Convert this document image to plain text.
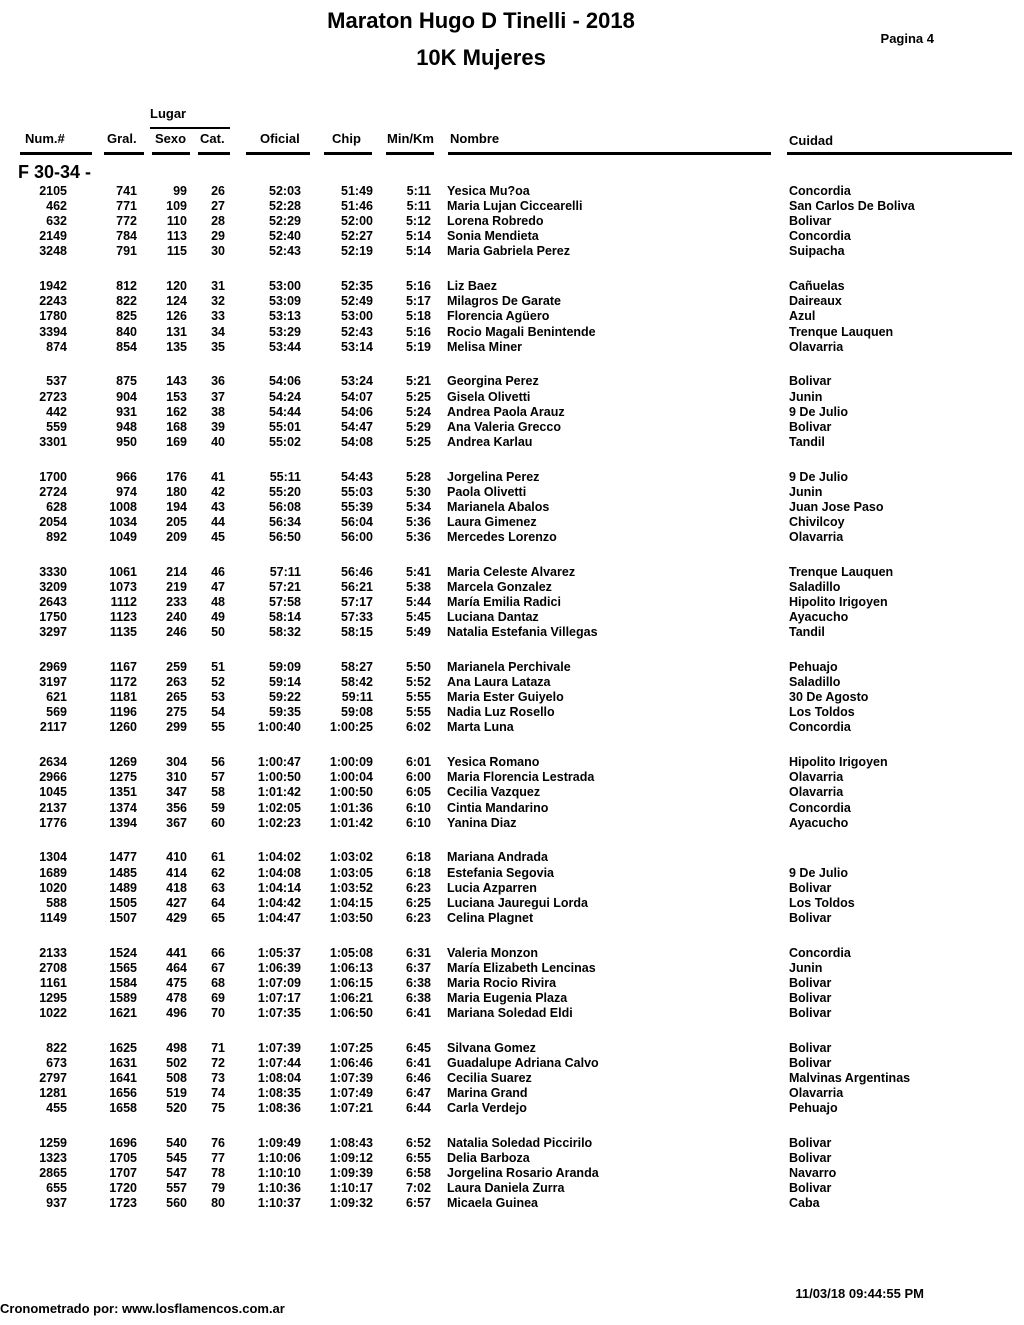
Maraton Hugo D Tinelli - 2018
10K Mujeres
Pagina 4
Lugar
Num.#	Gral. Sexo Cat.	Oficial Chip Min/Km Nombre	Cuidad
F 30-34 -
2105	741	99 26	52:03	51:49	5:11 Yesica Mu?oa	Concordia
462	771 109 27	52:28	51:46	5:11 Maria Lujan Ciccearelli	San Carlos De Boliva
632	772 110 28	52:29	52:00	5:12 Lorena Robredo	Bolivar
2149	784 113 29	52:40	52:27	5:14 Sonia Mendieta	Concordia
3248	791 115 30	52:43	52:19	5:14 Maria Gabriela Perez	Suipacha
1942	812 120 31	53:00	52:35	5:16 Liz Baez	Cañuelas
2243	822 124 32	53:09	52:49	5:17 Milagros De Garate	Daireaux
1780	825 126 33	53:13	53:00	5:18 Florencia Agüero	Azul
3394	840 131 34	53:29	52:43	5:16 Rocio Magali Benintende	Trenque Lauquen
874	854 135 35	53:44	53:14	5:19 Melisa Miner	Olavarria
537	875 143 36	54:06	53:24	5:21 Georgina Perez	Bolivar
2723	904 153 37	54:24	54:07	5:25 Gisela Olivetti	Junin
442	931 162 38	54:44	54:06	5:24 Andrea Paola Arauz	9 De Julio
559	948 168 39	55:01	54:47	5:29 Ana Valeria Grecco	Bolivar
3301	950 169 40	55:02	54:08	5:25 Andrea Karlau	Tandil
1700	966 176 41	55:11	54:43	5:28 Jorgelina Perez	9 De Julio
2724	974 180 42	55:20	55:03	5:30 Paola Olivetti	Junin
628	1008 194 43	56:08	55:39	5:34 Marianela Abalos	Juan Jose Paso
2054	1034 205 44	56:34	56:04	5:36 Laura Gimenez	Chivilcoy
892	1049 209 45	56:50	56:00	5:36 Mercedes Lorenzo	Olavarria
3330	1061 214 46	57:11	56:46	5:41 Maria Celeste Alvarez	Trenque Lauquen
3209	1073 219 47	57:21	56:21	5:38 Marcela Gonzalez	Saladillo
2643	1112 233 48	57:58	57:17	5:44 María Emilia Radici	Hipolito Irigoyen
1750	1123 240 49	58:14	57:33	5:45 Luciana Dantaz	Ayacucho
3297	1135 246 50	58:32	58:15	5:49 Natalia Estefania Villegas	Tandil
2969	1167 259 51	59:09	58:27	5:50 Marianela Perchivale	Pehuajo
3197	1172 263 52	59:14	58:42	5:52 Ana Laura Lataza	Saladillo
621	1181 265 53	59:22	59:11	5:55 Maria Ester Guiyelo	30 De Agosto
569	1196 275 54	59:35	59:08	5:55 Nadia Luz Rosello	Los Toldos
2117	1260 299 55	1:00:40 1:00:25	6:02 Marta Luna	Concordia
2634	1269 304 56	1:00:47 1:00:09	6:01 Yesica Romano	Hipolito Irigoyen
2966	1275 310 57	1:00:50 1:00:04	6:00 Maria Florencia Lestrada	Olavarria
1045	1351 347 58	1:01:42 1:00:50	6:05 Cecilia Vazquez	Olavarria
2137	1374 356 59	1:02:05 1:01:36	6:10 Cintia Mandarino	Concordia
1776	1394 367 60	1:02:23 1:01:42	6:10 Yanina Diaz	Ayacucho
1304	1477 410 61	1:04:02 1:03:02	6:18 Mariana Andrada
1689	1485 414 62	1:04:08 1:03:05	6:18 Estefania Segovia	9 De Julio
1020	1489 418 63	1:04:14 1:03:52	6:23 Lucia Azparren	Bolivar
588	1505 427 64	1:04:42 1:04:15	6:25 Luciana Jauregui Lorda	Los Toldos
1149	1507 429 65	1:04:47 1:03:50	6:23 Celina Plagnet	Bolivar
2133	1524 441 66	1:05:37 1:05:08	6:31 Valeria Monzon	Concordia
2708	1565 464 67	1:06:39 1:06:13	6:37 María Elizabeth Lencinas	Junin
1161	1584 475 68	1:07:09 1:06:15	6:38 Maria Rocio Rivira	Bolivar
1295	1589 478 69	1:07:17 1:06:21	6:38 Maria Eugenia Plaza	Bolivar
1022	1621 496 70	1:07:35 1:06:50	6:41 Mariana Soledad Eldi	Bolivar
822	1625 498 71	1:07:39 1:07:25	6:45 Silvana Gomez	Bolivar
673	1631 502 72	1:07:44 1:06:46	6:41 Guadalupe Adriana Calvo	Bolivar
2797	1641 508 73	1:08:04 1:07:39	6:46 Cecilia Suarez	Malvinas Argentinas
1281	1656 519 74	1:08:35 1:07:49	6:47 Marina Grand	Olavarria
455	1658 520 75	1:08:36 1:07:21	6:44 Carla Verdejo	Pehuajo
1259	1696 540 76	1:09:49 1:08:43	6:52 Natalia Soledad Piccirilo	Bolivar
1323	1705 545 77	1:10:06 1:09:12	6:55 Delia Barboza	Bolivar
2865	1707 547 78	1:10:10 1:09:39	6:58 Jorgelina Rosario Aranda	Navarro
655	1720 557 79	1:10:36 1:10:17	7:02 Laura Daniela Zurra	Bolivar
937	1723 560 80	1:10:37 1:09:32	6:57 Micaela Guinea	Caba
11/03/18 09:44:55 PM
Cronometrado por: www.losflamencos.com.ar
